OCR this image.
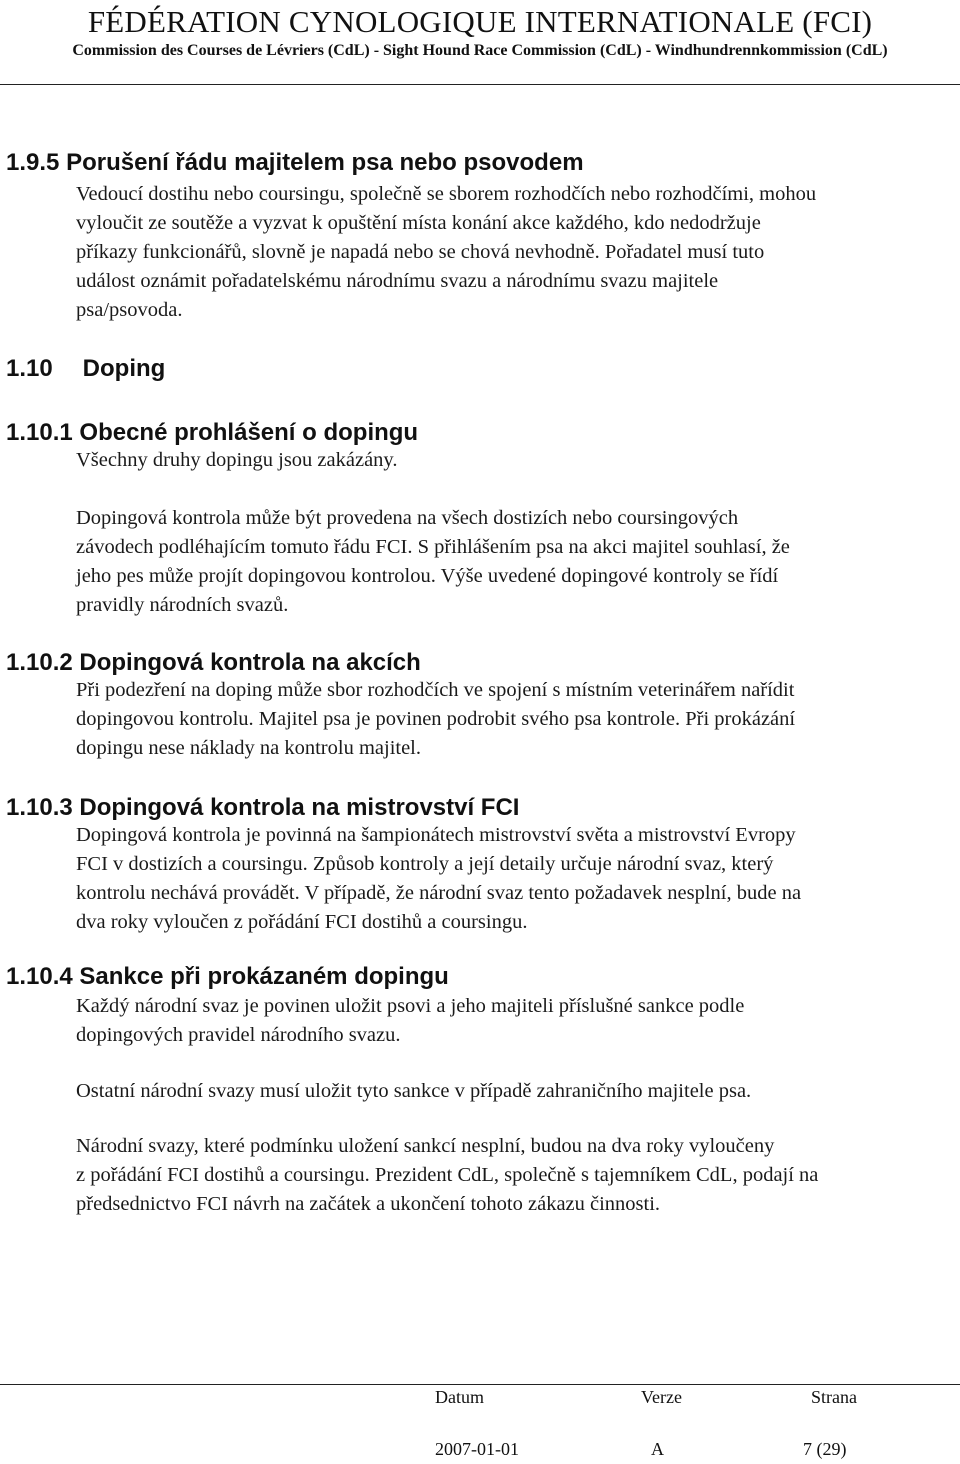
FÉDÉRATION CYNOLOGIQUE INTERNATIONALE (FCI)
Commission des Courses de Lévriers (CdL) - Sight Hound Race Commission (CdL) - Windhundrennkommission (CdL)
1.9.5 Porušení řádu majitelem psa nebo psovodem
Vedoucí dostihu nebo coursingu, společně se sborem rozhodčích nebo rozhodčími, mohou
vyloučit ze soutěže a vyzvat k opuštění místa konání akce každého, kdo nedodržuje
příkazy funkcionářů, slovně je napadá nebo se chová nevhodně. Pořadatel musí tuto
událost oznámit pořadatelskému národnímu svazu a národnímu svazu majitele
psa/psovoda.
1.10 Doping
1.10.1 Obecné prohlášení o dopingu
Všechny druhy dopingu jsou zakázány.
Dopingová kontrola může být provedena na všech dostizích nebo coursingových
závodech podléhajícím tomuto řádu FCI. S přihlášením psa na akci majitel souhlasí, že
jeho pes může projít dopingovou kontrolou. Výše uvedené dopingové kontroly se řídí
pravidly národních svazů.
1.10.2 Dopingová kontrola na akcích
Při podezření na doping může sbor rozhodčích ve spojení s místním veterinářem nařídit
dopingovou kontrolu. Majitel psa je povinen podrobit svého psa kontrole. Při prokázání
dopingu nese náklady na kontrolu majitel.
1.10.3 Dopingová kontrola na mistrovství FCI
Dopingová kontrola je povinná na šampionátech mistrovství světa a mistrovství Evropy
FCI v dostizích a coursingu. Způsob kontroly a její detaily určuje národní svaz, který
kontrolu nechává provádět. V případě, že národní svaz tento požadavek nesplní, bude na
dva roky vyloučen z pořádání FCI dostihů a coursingu.
1.10.4 Sankce při prokázaném dopingu
Každý národní svaz je povinen uložit psovi a jeho majiteli příslušné sankce podle
dopingových pravidel národního svazu.
Ostatní národní svazy musí uložit tyto sankce v případě zahraničního majitele psa.
Národní svazy, které podmínku uložení sankcí nesplní, budou na dva roky vyloučeny
z pořádání FCI dostihů a coursingu. Prezident CdL, společně s tajemníkem CdL, podají na
předsednictvo FCI návrh na začátek a ukončení tohoto zákazu činnosti.
Datum	Verze	Strana
2007-01-01	A	7 (29)
